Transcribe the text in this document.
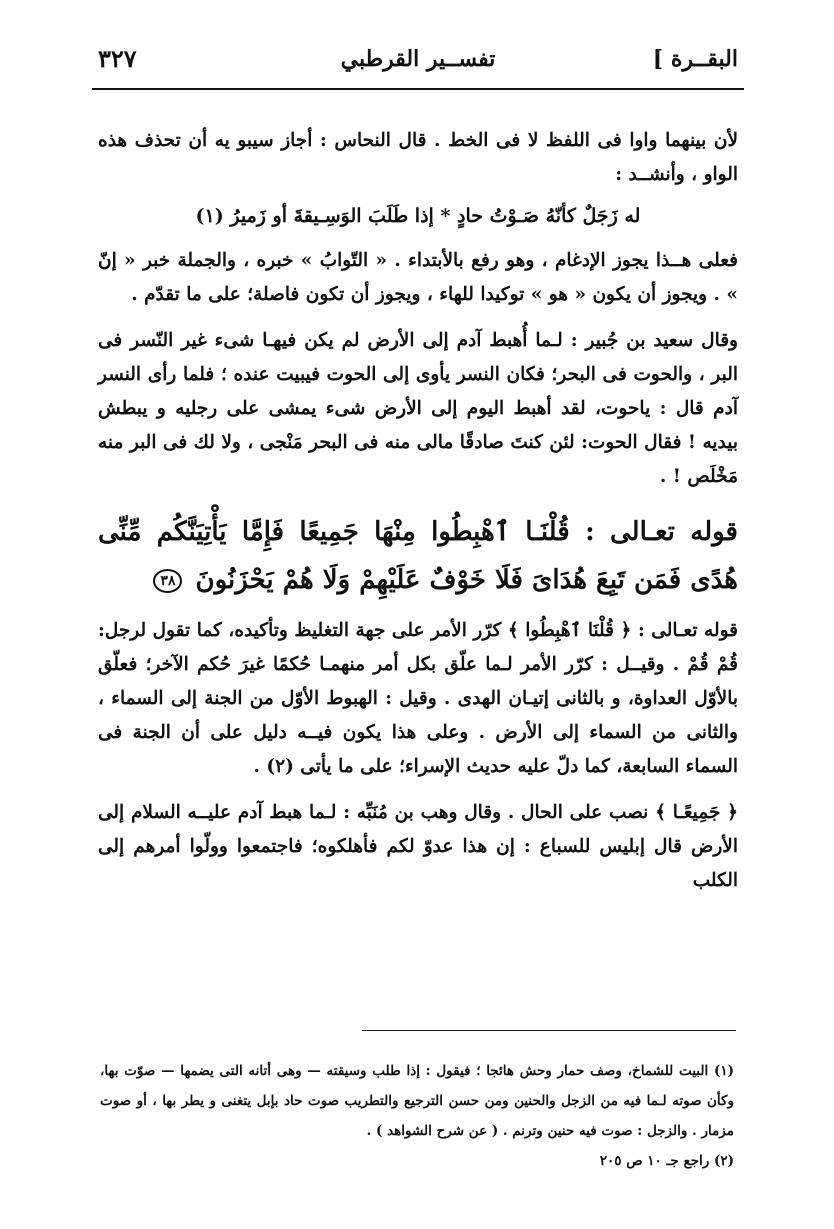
البقــرة ]
تفســير القرطبي
٣٢٧

لأن بينهما واوا فى اللفظ لا فى الخط . قال النحاس : أجاز سيبو يه أن تحذف هذه الواو ، وأنشــد :

له زَجَلٌ كأنّهُ صَـوْتُ حادٍ * إذا طَلَبَ الوَسِـيقةَ أو زَميرُ (١)

فعلى هــذا يجوز الإدغام ، وهو رفع بالأبتداء . « التّوابُ » خبره ، والجملة خبر « إنّ » . ويجوز أن يكون « هو » توكيدا للهاء ، ويجوز أن تكون فاصلة؛ على ما تقدّم .

وقال سعيد بن جُبير : لـما أُهبط آدم إلى الأرض لم يكن فيهـا شىء غير النّسر فى البر ، والحوت فى البحر؛ فكان النسر يأوى إلى الحوت فيبيت عنده ؛ فلما رأى النسر آدم قال : ياحوت، لقد أهبط اليوم إلى الأرض شىء يمشى على رجليه و يبطش بيديه ! فقال الحوت: لئن كنتَ صادقًا مالى منه فى البحر مَنْجى ، ولا لك فى البر منه مَخْلَص ! .

قوله تعـالى : قُلْنَـا ٱهْبِطُوا مِنْهَا جَمِيعًا فَإِمَّا يَأْتِيَنَّكُم مِّنِّى هُدًى فَمَن تَبِعَ هُدَاىَ فَلَا خَوْفٌ عَلَيْهِمْ وَلَا هُمْ يَحْزَنُونَ ٣٨

قوله تعـالى : ﴿ قُلْنَا ٱهْبِطُوا ﴾ كرّر الأمر على جهة التغليظ وتأكيده، كما تقول لرجل: قُمْ قُمْ . وقيــل : كرّر الأمر لـما علّق بكل أمر منهمـا حُكمًا غيرَ حُكم الآخر؛ فعلّق بالأوّل العداوة، و بالثانى إتيـان الهدى . وقيل : الهبوط الأوّل من الجنة إلى السماء ، والثانى من السماء إلى الأرض . وعلى هذا يكون فيــه دليل على أن الجنة فى السماء السابعة، كما دلّ عليه حديث الإسراء؛ على ما يأتى (٢) .

﴿ جَمِيعًـا ﴾ نصب على الحال . وقال وهب بن مُنَبِّه : لـما هبط آدم عليــه السلام إلى الأرض قال إبليس للسباع : إن هذا عدوّ لكم فأهلكوه؛ فاجتمعوا وولّوا أمرهم إلى الكلب

(١) البيت للشماخ، وصف حمار وحش هائجا ؛ فيقول : إذا طلب وسيقته — وهى أتانه التى يضمها — صوّت بها، وكأن صوته لـما فيه من الزجل والحنين ومن حسن الترجيع والتطريب صوت حاد بإبل يتغنى و يطر بها ، أو صوت مزمار . والزجل : صوت فيه حنين وترنم . ( عن شرح الشواهد ) .

(٢) راجع جـ ١٠ ص ٢٠٥
